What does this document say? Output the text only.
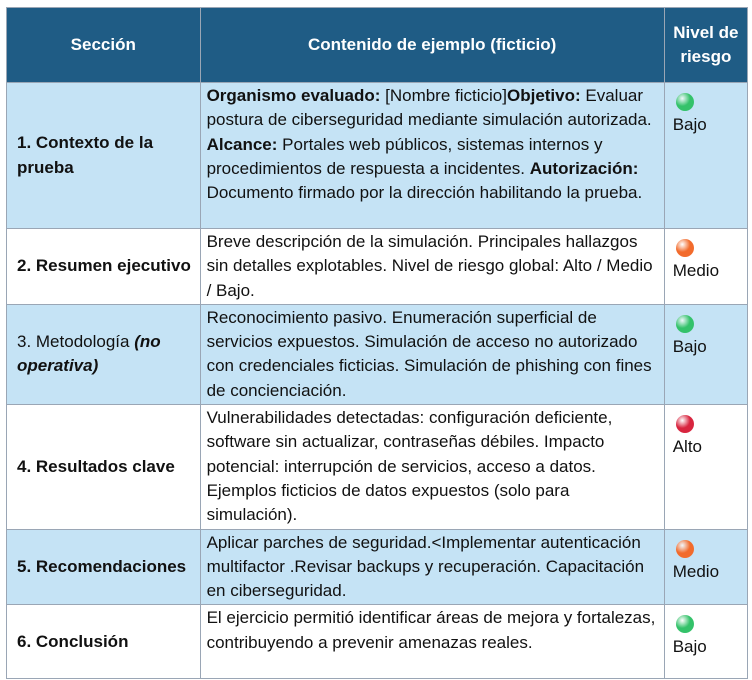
Sección	Contenido de ejemplo (ficticio)	Nivel de riesgo
1. Contexto de la prueba	Organismo evaluado: [Nombre ficticio]Objetivo: Evaluar postura de ciberseguridad mediante simulación autorizada. Alcance: Portales web públicos, sistemas internos y procedimientos de respuesta a incidentes. Autorización: Documento firmado por la dirección habilitando la prueba.	Bajo

2. Resumen ejecutivo	Breve descripción de la simulación. Principales hallazgos sin detalles explotables. Nivel de riesgo global: Alto / Medio / Bajo.	Medio

3. Metodología (no operativa)	Reconocimiento pasivo. Enumeración superficial de servicios expuestos. Simulación de acceso no autorizado con credenciales ficticias. Simulación de phishing con fines de concienciación.	Bajo

4. Resultados clave	Vulnerabilidades detectadas: configuración deficiente, software sin actualizar, contraseñas débiles. Impacto potencial: interrupción de servicios, acceso a datos. Ejemplos ficticios de datos expuestos (solo para simulación).	Alto

5. Recomendaciones	Aplicar parches de seguridad.<Implementar autenticación multifactor .Revisar backups y recuperación. Capacitación en ciberseguridad.	Medio

6. Conclusión	El ejercicio permitió identificar áreas de mejora y fortalezas, contribuyendo a prevenir amenazas reales.	Bajo
